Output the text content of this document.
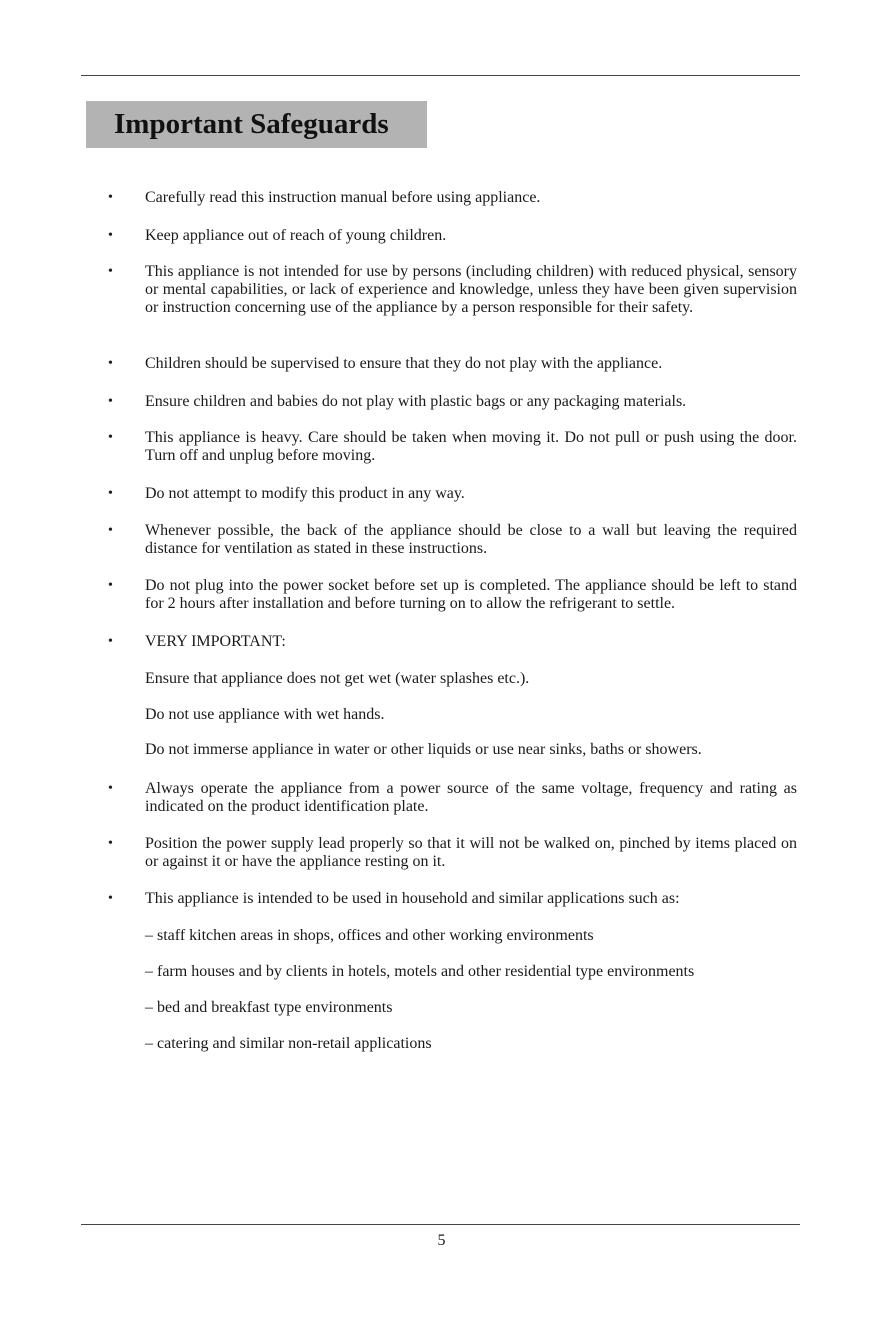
Important Safeguards
• Carefully read this instruction manual before using appliance.
• Keep appliance out of reach of young children.
• This appliance is not intended for use by persons (including children) with reduced physical, sensory or mental capabilities, or lack of experience and knowledge, unless they have been given supervision or instruction concerning use of the appliance by a person responsible for their safety.
• Children should be supervised to ensure that they do not play with the appliance.
• Ensure children and babies do not play with plastic bags or any packaging materials.
• This appliance is heavy. Care should be taken when moving it. Do not pull or push using the door. Turn off and unplug before moving.
• Do not attempt to modify this product in any way.
• Whenever possible, the back of the appliance should be close to a wall but leaving the required distance for ventilation as stated in these instructions.
• Do not plug into the power socket before set up is completed. The appliance should be left to stand for 2 hours after installation and before turning on to allow the refrigerant to settle.
• VERY IMPORTANT:
Ensure that appliance does not get wet (water splashes etc.).
Do not use appliance with wet hands.
Do not immerse appliance in water or other liquids or use near sinks, baths or showers.
• Always operate the appliance from a power source of the same voltage, frequency and rating as indicated on the product identification plate.
• Position the power supply lead properly so that it will not be walked on, pinched by items placed on or against it or have the appliance resting on it.
• This appliance is intended to be used in household and similar applications such as:
– staff kitchen areas in shops, offices and other working environments
– farm houses and by clients in hotels, motels and other residential type environments
– bed and breakfast type environments
– catering and similar non-retail applications
5
